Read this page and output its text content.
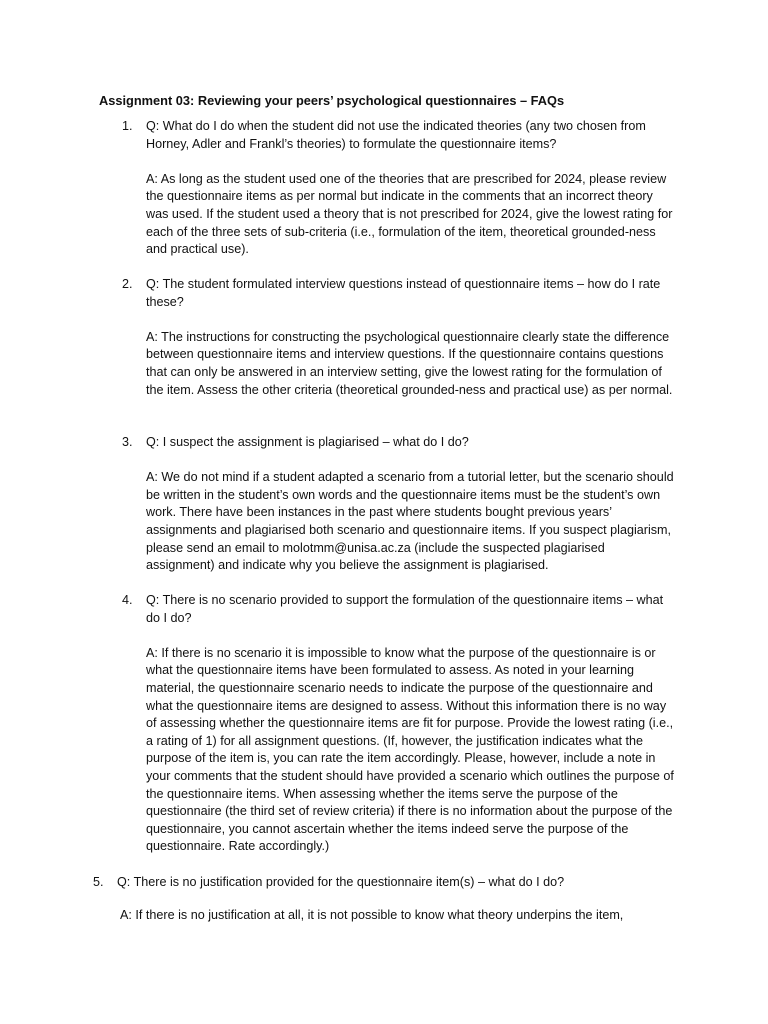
Assignment 03: Reviewing your peers’ psychological questionnaires – FAQs
1. Q: What do I do when the student did not use the indicated theories (any two chosen from Horney, Adler and Frankl’s theories) to formulate the questionnaire items?

A: As long as the student used one of the theories that are prescribed for 2024, please review the questionnaire items as per normal but indicate in the comments that an incorrect theory was used. If the student used a theory that is not prescribed for 2024, give the lowest rating for each of the three sets of sub-criteria (i.e., formulation of the item, theoretical grounded-ness and practical use).

2. Q: The student formulated interview questions instead of questionnaire items – how do I rate these?

A: The instructions for constructing the psychological questionnaire clearly state the difference between questionnaire items and interview questions. If the questionnaire contains questions that can only be answered in an interview setting, give the lowest rating for the formulation of the item. Assess the other criteria (theoretical grounded-ness and practical use) as per normal.

3. Q: I suspect the assignment is plagiarised – what do I do?

A: We do not mind if a student adapted a scenario from a tutorial letter, but the scenario should be written in the student’s own words and the questionnaire items must be the student’s own work. There have been instances in the past where students bought previous years’ assignments and plagiarised both scenario and questionnaire items. If you suspect plagiarism, please send an email to molotmm@unisa.ac.za (include the suspected plagiarised assignment) and indicate why you believe the assignment is plagiarised.

4. Q: There is no scenario provided to support the formulation of the questionnaire items – what do I do?

A: If there is no scenario it is impossible to know what the purpose of the questionnaire is or what the questionnaire items have been formulated to assess. As noted in your learning material, the questionnaire scenario needs to indicate the purpose of the questionnaire and what the questionnaire items are designed to assess. Without this information there is no way of assessing whether the questionnaire items are fit for purpose. Provide the lowest rating (i.e., a rating of 1) for all assignment questions. (If, however, the justification indicates what the purpose of the item is, you can rate the item accordingly. Please, however, include a note in your comments that the student should have provided a scenario which outlines the purpose of the questionnaire items. When assessing whether the items serve the purpose of the questionnaire (the third set of review criteria) if there is no information about the purpose of the questionnaire, you cannot ascertain whether the items indeed serve the purpose of the questionnaire. Rate accordingly.)

5. Q: There is no justification provided for the questionnaire item(s) – what do I do?

A: If there is no justification at all, it is not possible to know what theory underpins the item,
